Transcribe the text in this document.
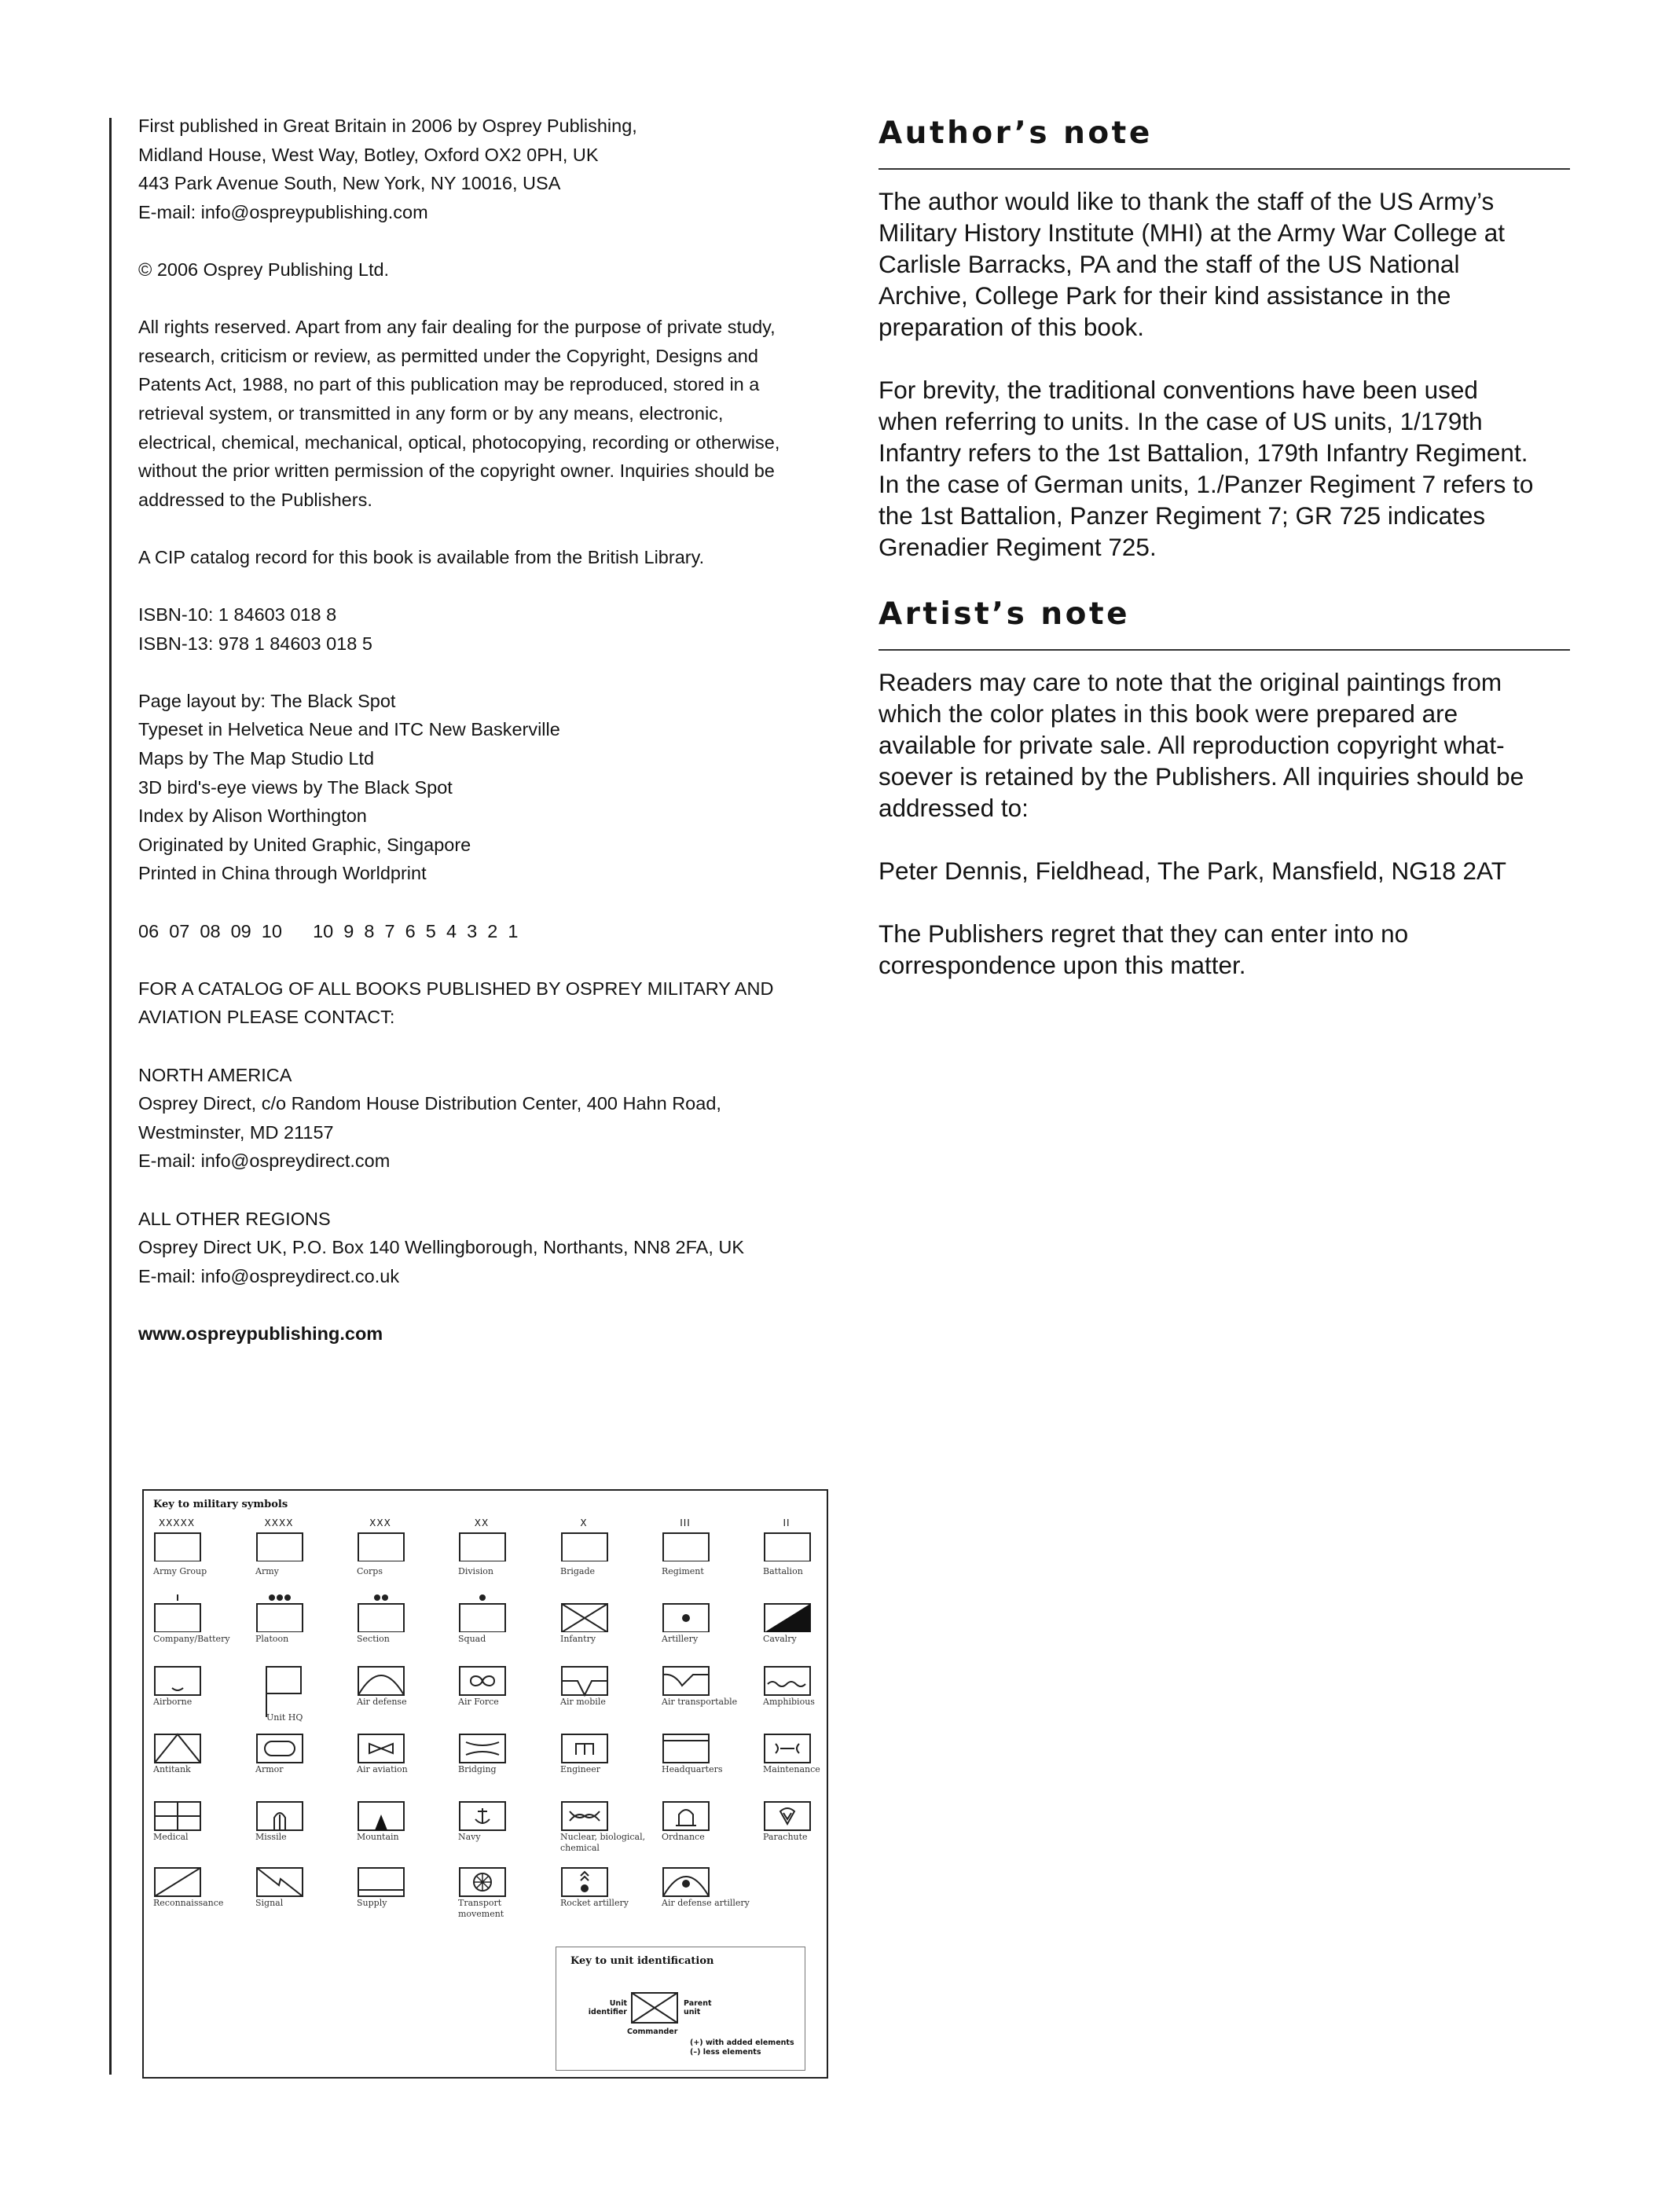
First published in Great Britain in 2006 by Osprey Publishing,
Midland House, West Way, Botley, Oxford OX2 0PH, UK
443 Park Avenue South, New York, NY 10016, USA
E-mail: info@ospreypublishing.com

© 2006 Osprey Publishing Ltd.

All rights reserved. Apart from any fair dealing for the purpose of private study,
research, criticism or review, as permitted under the Copyright, Designs and
Patents Act, 1988, no part of this publication may be reproduced, stored in a
retrieval system, or transmitted in any form or by any means, electronic,
electrical, chemical, mechanical, optical, photocopying, recording or otherwise,
without the prior written permission of the copyright owner. Inquiries should be
addressed to the Publishers.

A CIP catalog record for this book is available from the British Library.

ISBN-10: 1 84603 018 8
ISBN-13: 978 1 84603 018 5

Page layout by: The Black Spot
Typeset in Helvetica Neue and ITC New Baskerville
Maps by The Map Studio Ltd
3D bird's-eye views by The Black Spot
Index by Alison Worthington
Originated by United Graphic, Singapore
Printed in China through Worldprint

06  07  08  09  10      10  9  8  7  6  5  4  3  2  1

FOR A CATALOG OF ALL BOOKS PUBLISHED BY OSPREY MILITARY AND
AVIATION PLEASE CONTACT:

NORTH AMERICA
Osprey Direct, c/o Random House Distribution Center, 400 Hahn Road,
Westminster, MD 21157
E-mail: info@ospreydirect.com

ALL OTHER REGIONS
Osprey Direct UK, P.O. Box 140 Wellingborough, Northants, NN8 2FA, UK
E-mail: info@ospreydirect.co.uk

www.ospreypublishing.com

Author’s note

The author would like to thank the staff of the US Army’s
Military History Institute (MHI) at the Army War College at
Carlisle Barracks, PA and the staff of the US National
Archive, College Park for their kind assistance in the
preparation of this book.

For brevity, the traditional conventions have been used
when referring to units. In the case of US units, 1/179th
Infantry refers to the 1st Battalion, 179th Infantry Regiment.
In the case of German units, 1./Panzer Regiment 7 refers to
the 1st Battalion, Panzer Regiment 7; GR 725 indicates
Grenadier Regiment 725.

Artist’s note

Readers may care to note that the original paintings from
which the color plates in this book were prepared are
available for private sale. All reproduction copyright what-
soever is retained by the Publishers. All inquiries should be
addressed to:

Peter Dennis, Fieldhead, The Park, Mansfield, NG18 2AT

The Publishers regret that they can enter into no
correspondence upon this matter.

Key to military symbols
XXXXX
Army Group
XXXX
Army
XXX
Corps
XX
Division
X
Brigade
III
Regiment
II
Battalion
Company/Battery	Platoon	Section	Squad	Infantry	Artillery	Cavalry
Airborne
Unit HQ
Air defense	Air Force	Air mobile	Air transportable	Amphibious
Antitank	Armor	Air aviation	Bridging	Engineer	Headquarters	Maintenance
Medical	Missile	Mountain	Navy	Nuclear, biological, chemical
Ordnance	Parachute
Reconnaissance	Signal	Supply	Transport movement
Rocket artillery	Air defense artillery
Key to unit identification
Unit identifier
Parent unit
Commander
(+) with added elements
(–) less elements
